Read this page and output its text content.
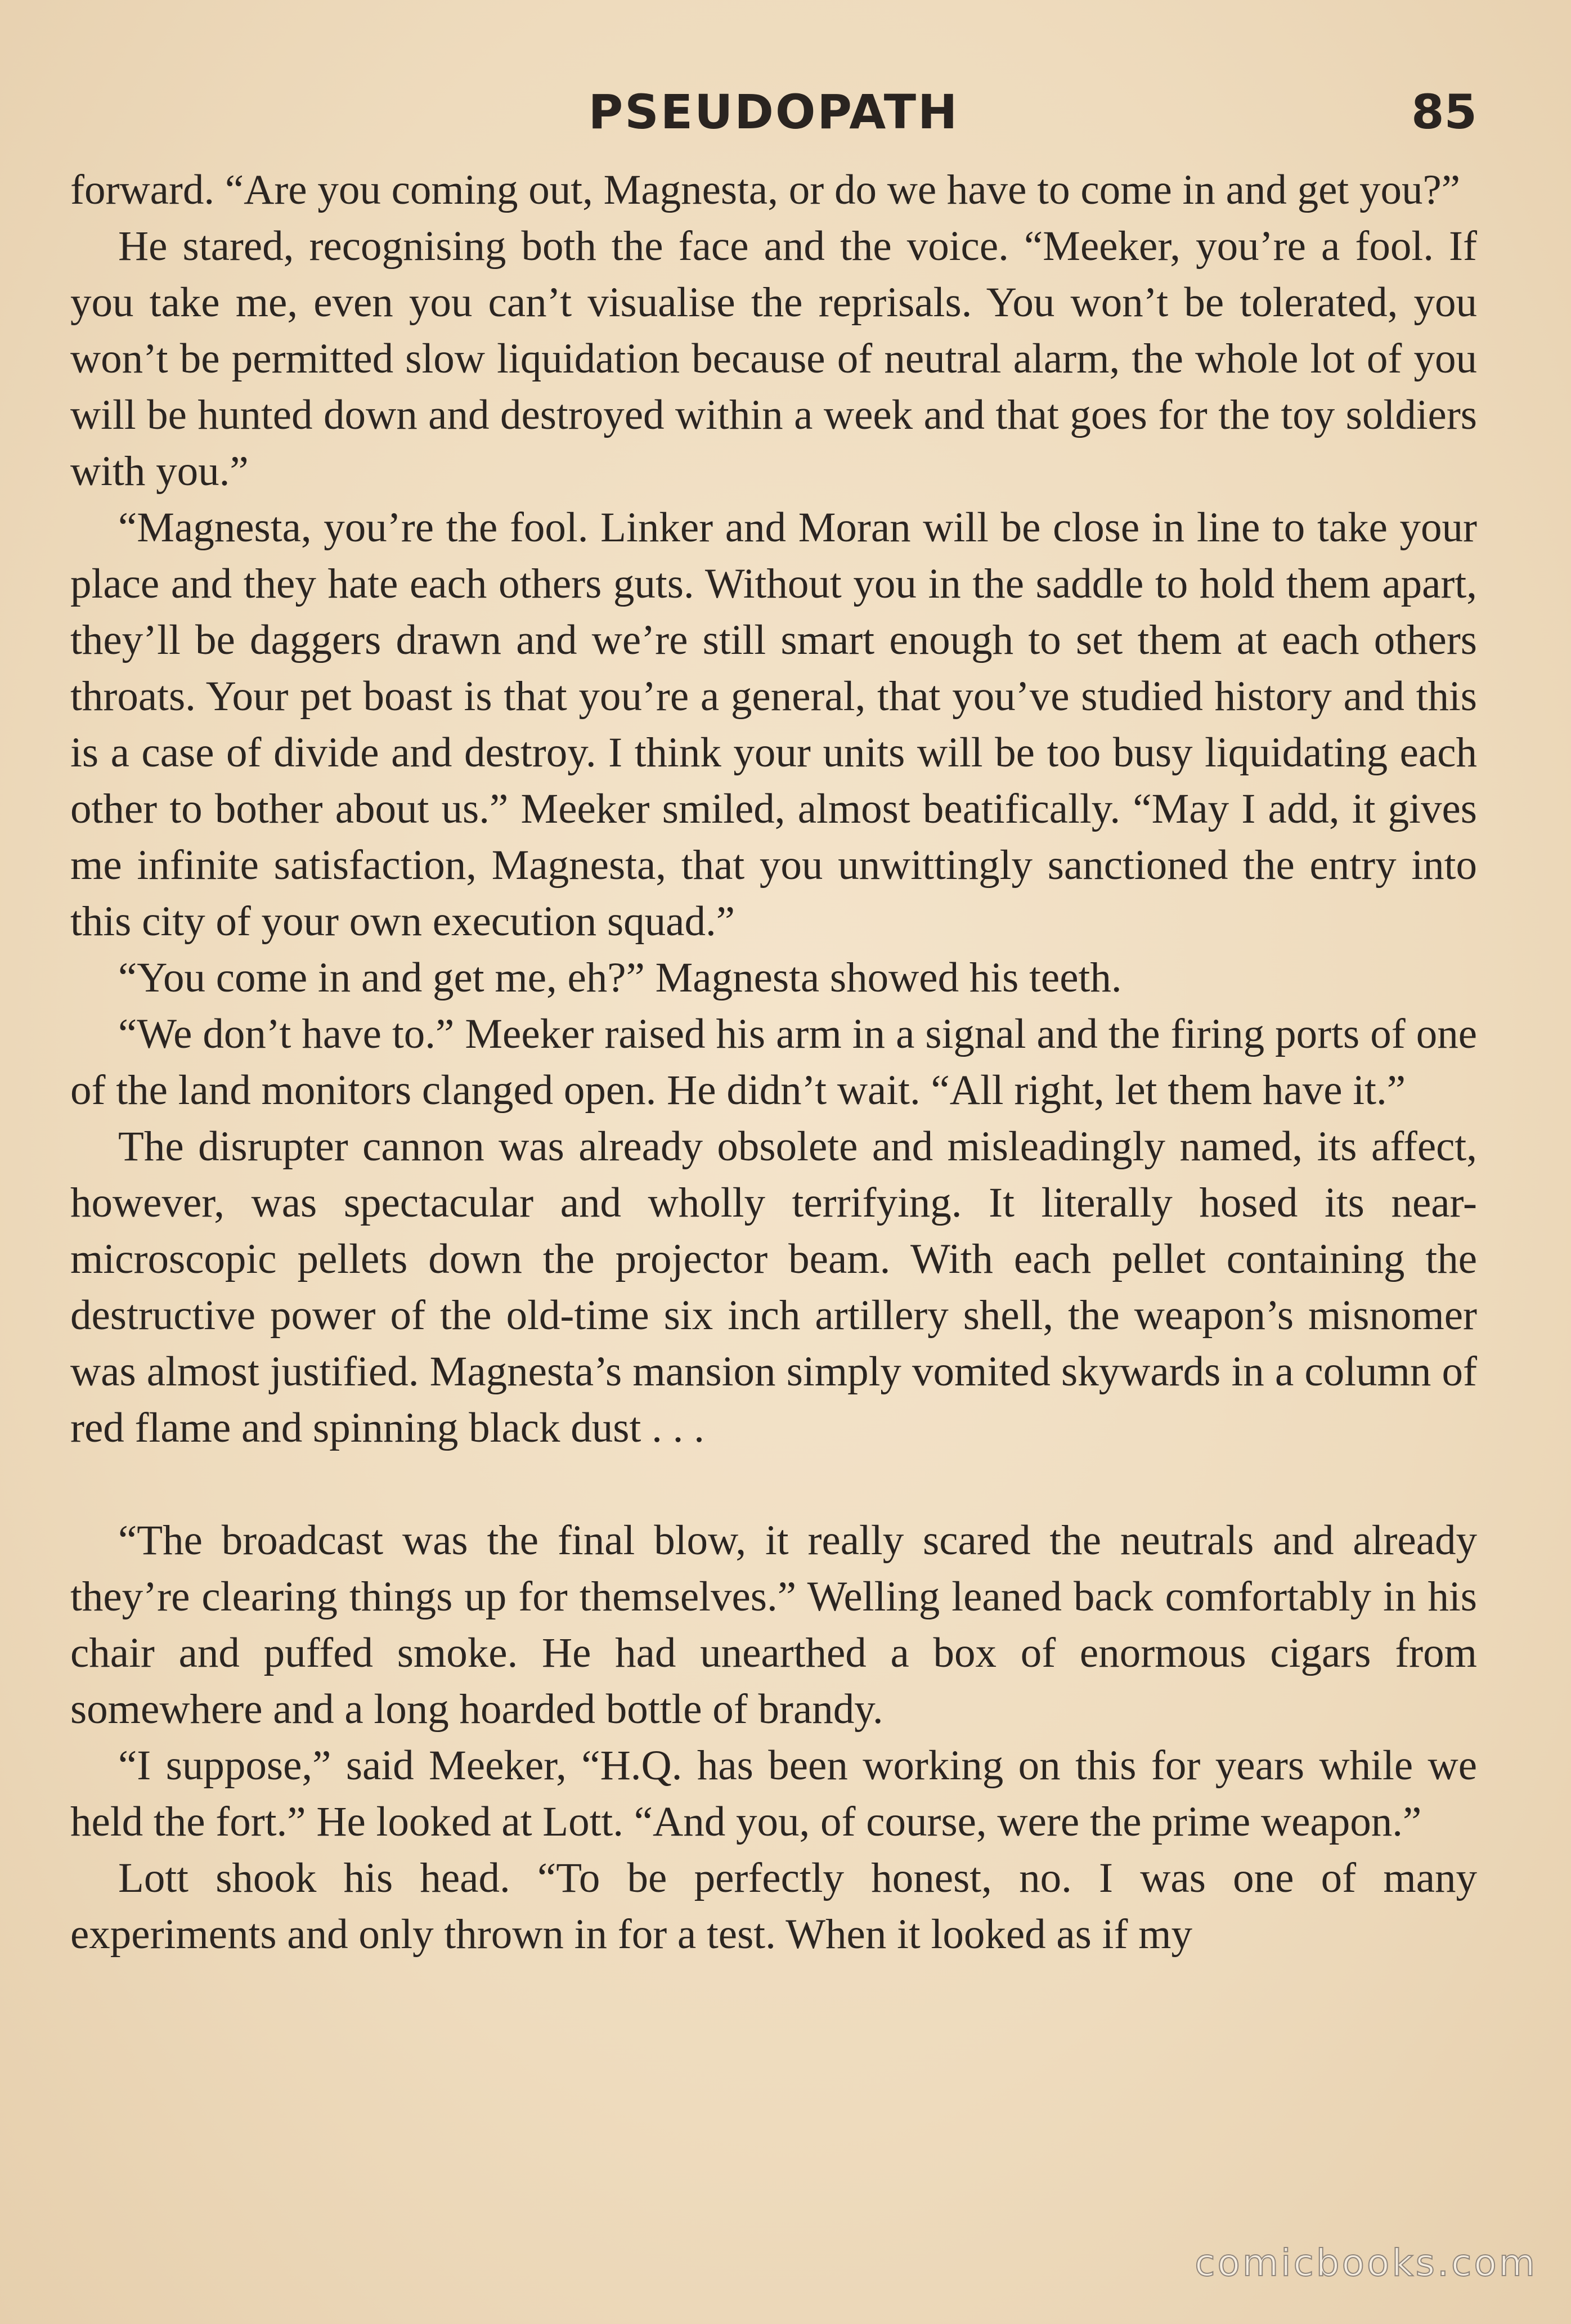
PSEUDOPATH	85

forward. “Are you coming out, Magnesta, or do we have to come in and get you?”

He stared, recognising both the face and the voice. “Meeker, you’re a fool. If you take me, even you can’t visualise the reprisals. You won’t be tolerated, you won’t be permitted slow liquidation because of neutral alarm, the whole lot of you will be hunted down and destroyed within a week and that goes for the toy soldiers with you.”

“Magnesta, you’re the fool. Linker and Moran will be close in line to take your place and they hate each others guts. Without you in the saddle to hold them apart, they’ll be daggers drawn and we’re still smart enough to set them at each others throats. Your pet boast is that you’re a general, that you’ve studied history and this is a case of divide and destroy. I think your units will be too busy liquidating each other to bother about us.” Meeker smiled, almost beatifically. “May I add, it gives me infinite satisfaction, Magnesta, that you unwittingly sanctioned the entry into this city of your own execution squad.”

“You come in and get me, eh?” Magnesta showed his teeth.

“We don’t have to.” Meeker raised his arm in a signal and the firing ports of one of the land monitors clanged open. He didn’t wait. “All right, let them have it.”

The disrupter cannon was already obsolete and misleadingly named, its affect, however, was spectacular and wholly terrifying. It literally hosed its near-microscopic pellets down the projector beam. With each pellet containing the destructive power of the old-time six inch artillery shell, the weapon’s misnomer was almost justified. Magnesta’s mansion simply vomited skywards in a column of red flame and spinning black dust . . .

“The broadcast was the final blow, it really scared the neutrals and already they’re clearing things up for themselves.” Welling leaned back comfortably in his chair and puffed smoke. He had unearthed a box of enormous cigars from somewhere and a long hoarded bottle of brandy.

“I suppose,” said Meeker, “H.Q. has been working on this for years while we held the fort.” He looked at Lott. “And you, of course, were the prime weapon.”

Lott shook his head. “To be perfectly honest, no. I was one of many experiments and only thrown in for a test. When it looked as if my

comicbooks.com
